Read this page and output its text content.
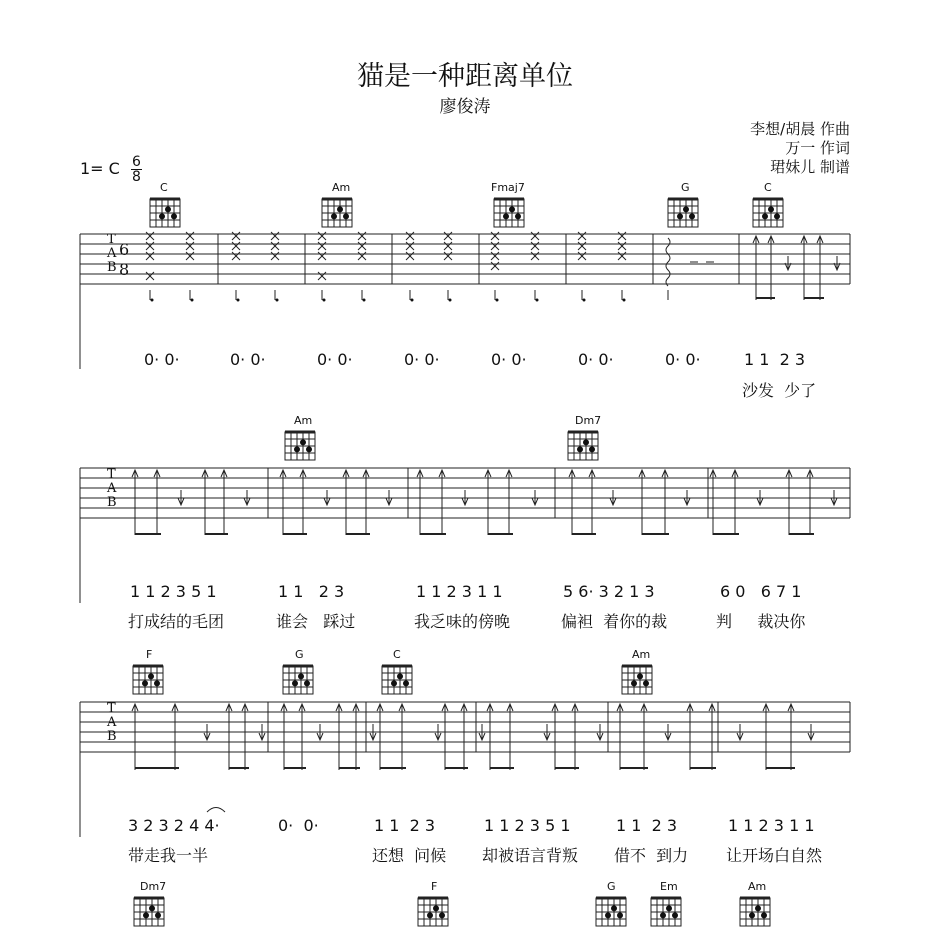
猫是一种距离单位
廖俊涛
李想/胡晨 作曲
万一 作词
珺妹儿 制谱
1= C $\frac{6}{8}$
C	Am	Fmaj7	G	C
Am	Dm7
F	G	C	Am
Dm7	F	G	Em	Am
T
A
B
6
8
T
A
B
T
A
B
0· 0·	0· 0·	0· 0·	0· 0·	0· 0·	0· 0·	0· 0·	1 1  2 3
沙发  少了
1 1 2 3 5 1	1 1   2 3	1 1 2 3 1 1	5 6· 3 2 1 3	6 0   6 7 1
打成结的毛团	谁会   踩过	我乏味的傍晚	偏袒  着你的裁	判     裁决你
3 2 3 2 4 4·	0·  0·	1 1  2 3	1 1 2 3 5 1	1 1  2 3	1 1 2 3 1 1
带走我一半	还想  问候 却被语言背叛 借不  到力 让开场白自然
